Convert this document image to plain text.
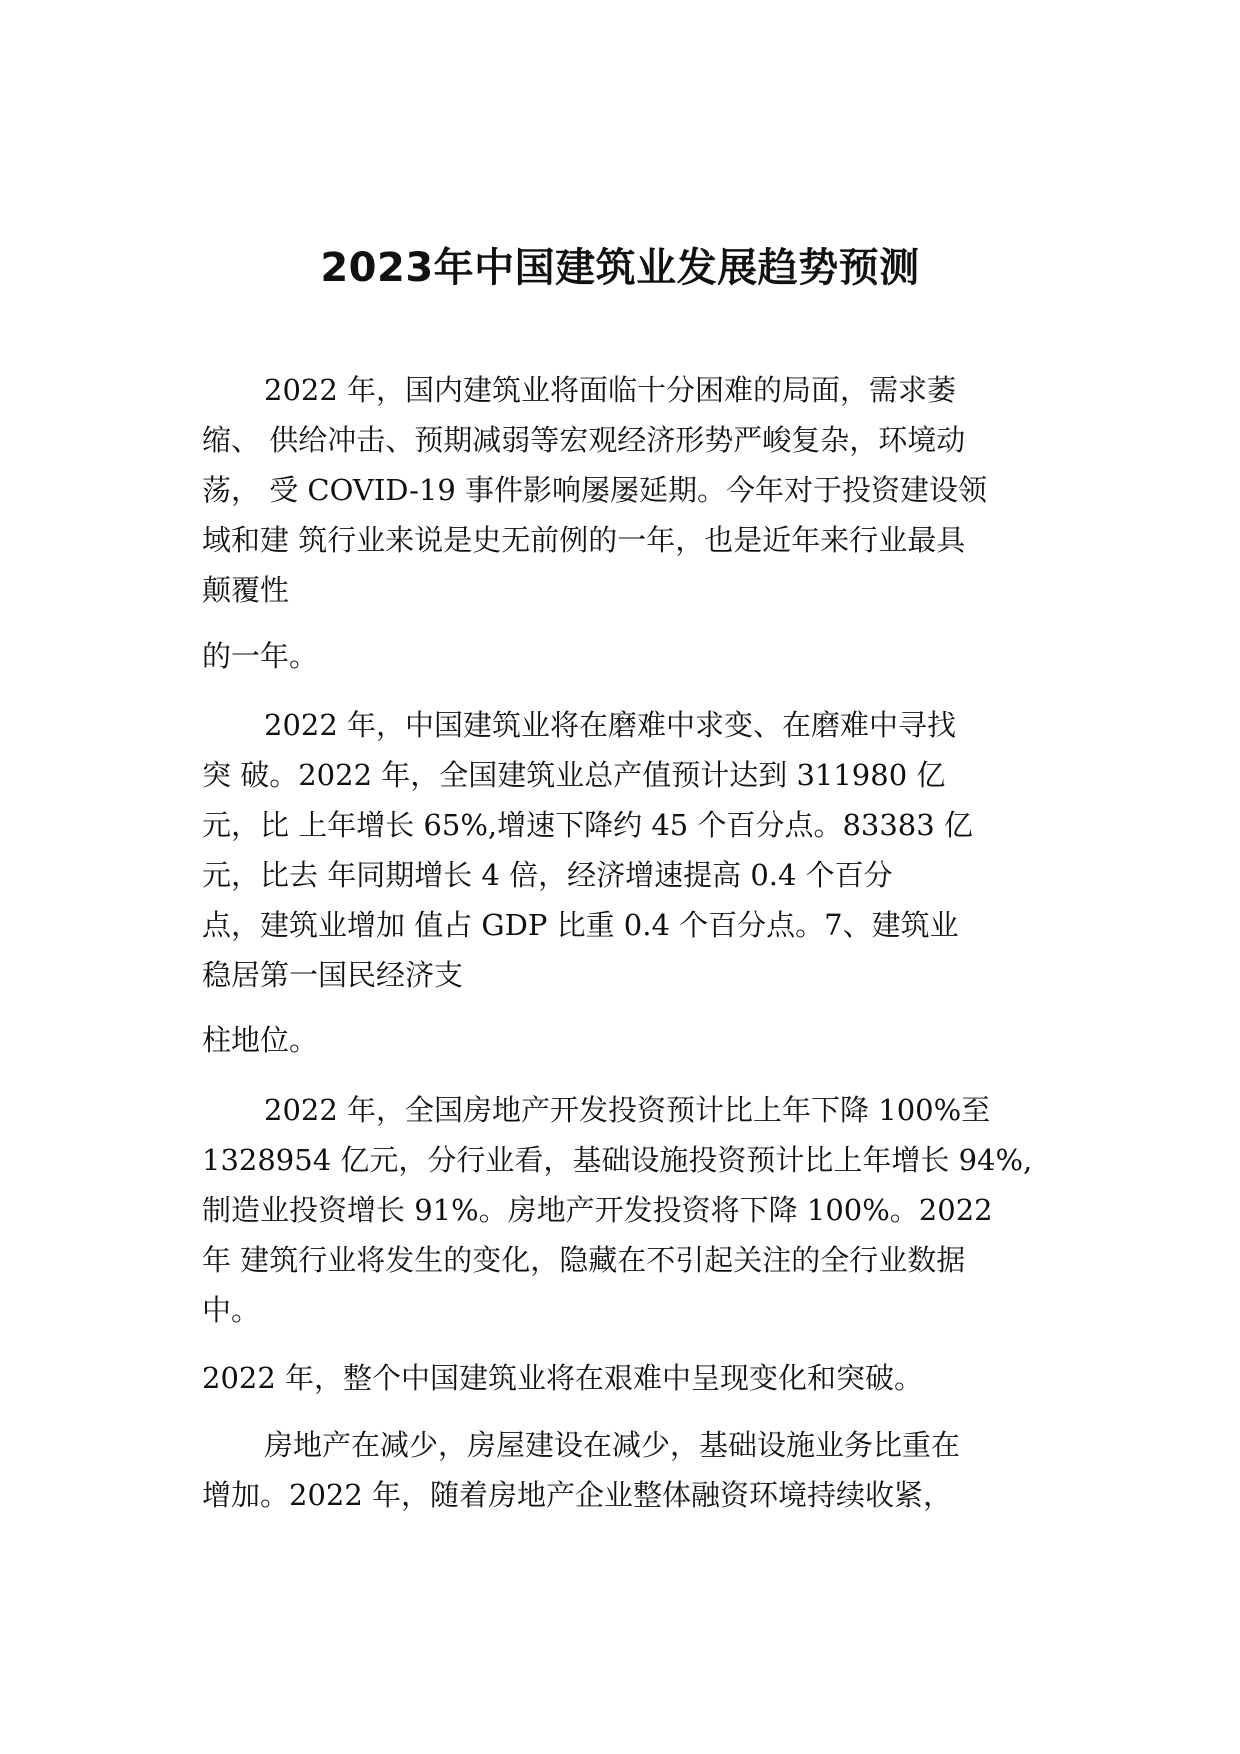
2023年中国建筑业发展趋势预测

2022 年，国内建筑业将面临十分困难的局面，需求萎

缩、 供给冲击、预期减弱等宏观经济形势严峻复杂，环境动

荡， 受 COVID-19 事件影响屡屡延期。今年对于投资建设领

域和建 筑行业来说是史无前例的一年，也是近年来行业最具

颠覆性

的一年。

2022 年，中国建筑业将在磨难中求变、在磨难中寻找

突 破。2022 年，全国建筑业总产值预计达到 311980 亿

元，比 上年增长 65%,增速下降约 45 个百分点。83383 亿

元，比去 年同期增长 4 倍，经济增速提高 0.4 个百分

点，建筑业增加 值占 GDP 比重 0.4 个百分点。7、建筑业

稳居第一国民经济支

柱地位。

2022 年，全国房地产开发投资预计比上年下降 100%至

1328954 亿元，分行业看，基础设施投资预计比上年增长 94%,

制造业投资增长 91%。房地产开发投资将下降 100%。2022

年 建筑行业将发生的变化，隐藏在不引起关注的全行业数据

中。

2022 年，整个中国建筑业将在艰难中呈现变化和突破。

房地产在减少，房屋建设在减少，基础设施业务比重在

增加。2022 年，随着房地产企业整体融资环境持续收紧，
